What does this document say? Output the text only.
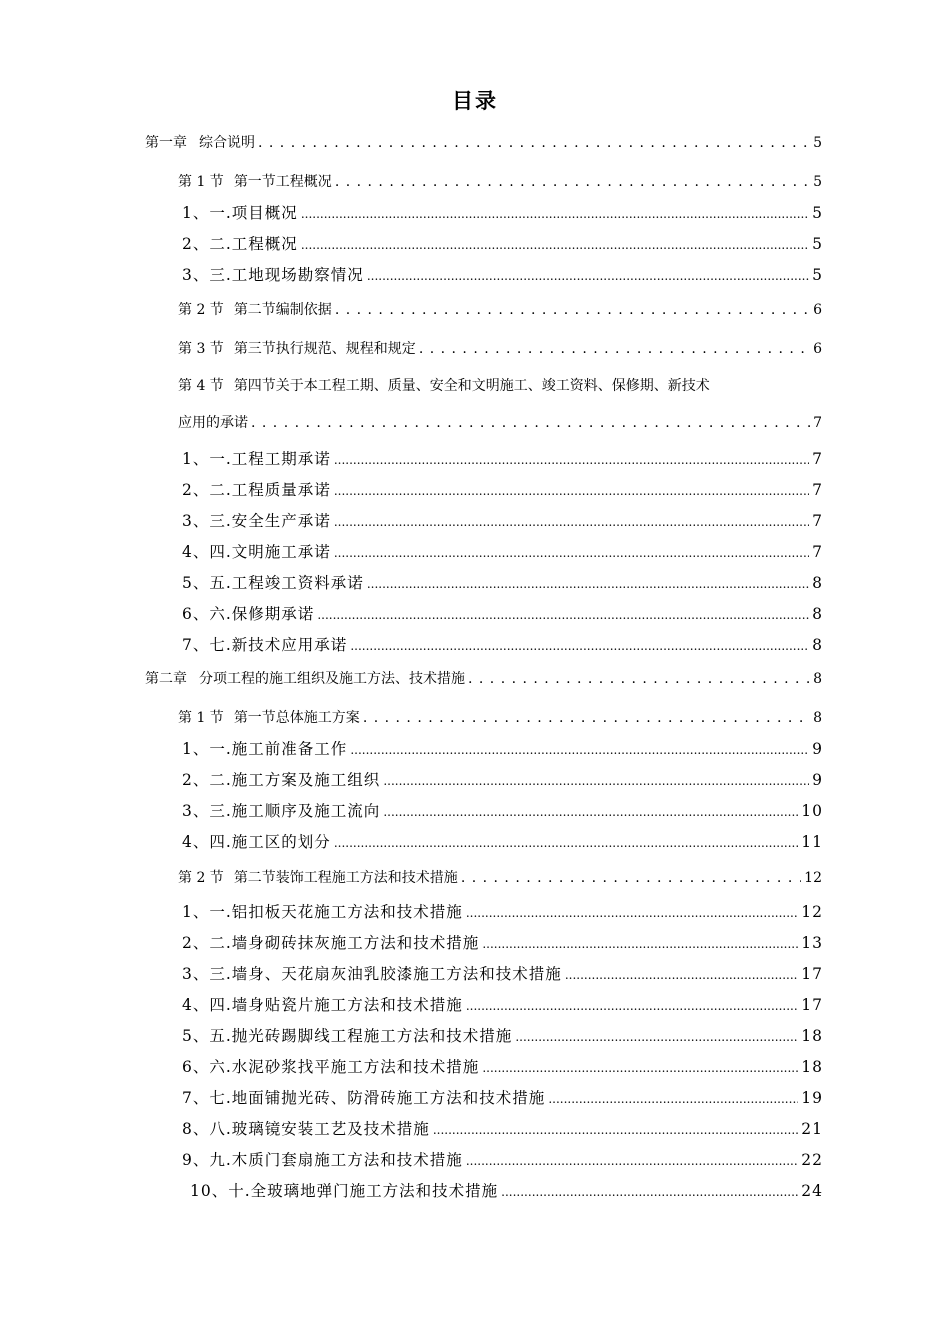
目录
第一章 综合说明 . . .	5
第 1 节 第一节工程概况 . . .	5
1、 一.项目概况 .....	5
2、 二.工程概况 .....	5
3、 三.工地现场勘察情况 .....	5
第 2 节 第二节编制依据 . . .	6
第 3 节 第三节执行规范、规程和规定 . . .	6
第 4 节 第四节关于本工程工期、质量、安全和文明施工、竣工资料、保修期、新技术
应用的承诺 . . .	7
1、 一.工程工期承诺 .....	7
2、 二.工程质量承诺 .....	7
3、 三.安全生产承诺 .....	7
4、 四.文明施工承诺 .....	7
5、 五.工程竣工资料承诺 .....	8
6、 六.保修期承诺 .....	8
7、 七.新技术应用承诺 .....	8
第二章 分项工程的施工组织及施工方法、技术措施 . . .	8
第 1 节 第一节总体施工方案 . . .	8
1、 一.施工前准备工作 .....	9
2、 二.施工方案及施工组织 .....	9
3、 三.施工顺序及施工流向 .....	10
4、 四.施工区的划分 .....	11
第 2 节 第二节装饰工程施工方法和技术措施 . . .	12
1、 一.铝扣板天花施工方法和技术措施 .....	12
2、 二.墙身砌砖抹灰施工方法和技术措施 .....	13
3、 三.墙身、天花扇灰油乳胶漆施工方法和技术措施 .....	17
4、 四.墙身贴瓷片施工方法和技术措施 .....	17
5、 五.抛光砖踢脚线工程施工方法和技术措施 .....	18
6、 六.水泥砂浆找平施工方法和技术措施 .....	18
7、 七.地面铺抛光砖、防滑砖施工方法和技术措施 .....	19
8、 八.玻璃镜安装工艺及技术措施 .....	21
9、 九.木质门套扇施工方法和技术措施 .....	22
10、 十.全玻璃地弹门施工方法和技术措施 .....	24
